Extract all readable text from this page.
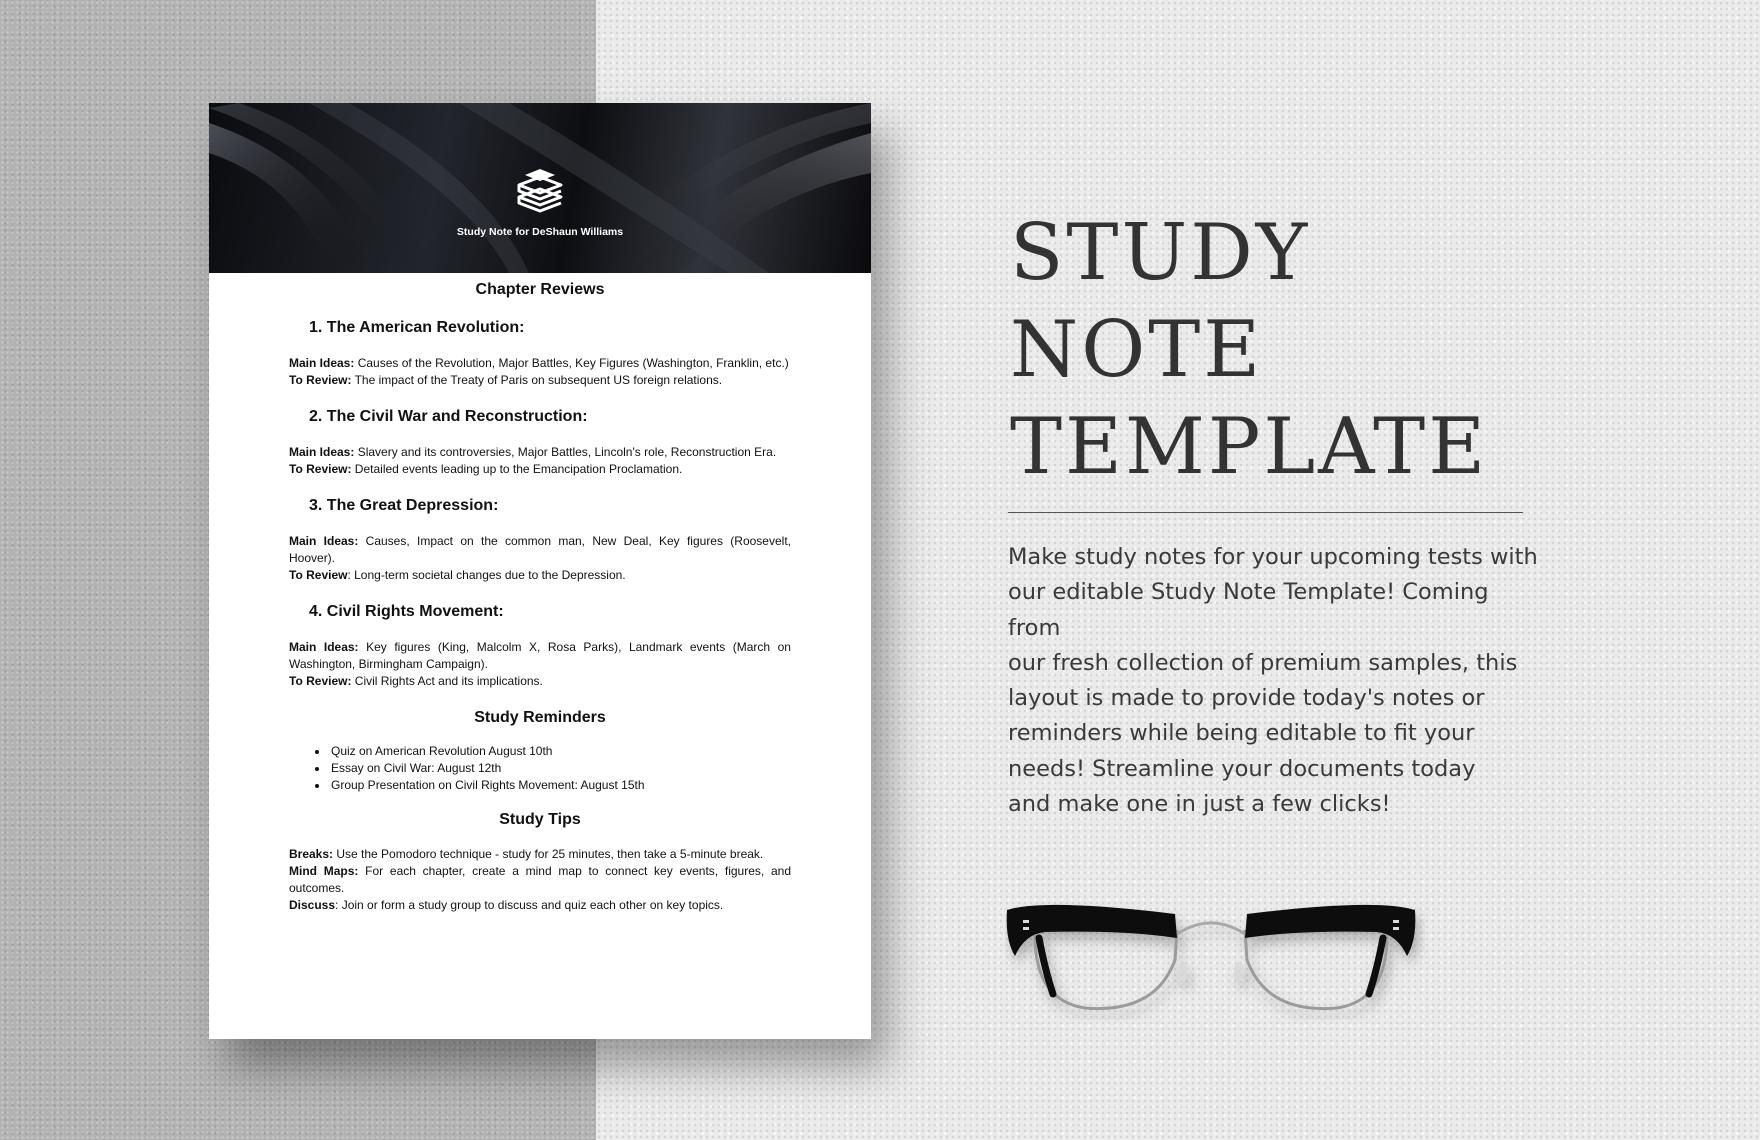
Study Note for DeShaun Williams
Chapter Reviews
1. The American Revolution:
Main Ideas: Causes of the Revolution, Major Battles, Key Figures (Washington, Franklin, etc.)
To Review: The impact of the Treaty of Paris on subsequent US foreign relations.
2. The Civil War and Reconstruction:
Main Ideas: Slavery and its controversies, Major Battles, Lincoln's role, Reconstruction Era.
To Review: Detailed events leading up to the Emancipation Proclamation.
3. The Great Depression:
Main Ideas: Causes, Impact on the common man, New Deal, Key figures (Roosevelt, Hoover).
To Review: Long-term societal changes due to the Depression.
4. Civil Rights Movement:
Main Ideas: Key figures (King, Malcolm X, Rosa Parks), Landmark events (March on Washington, Birmingham Campaign).
To Review: Civil Rights Act and its implications.
Study Reminders
• Quiz on American Revolution August 10th
• Essay on Civil War: August 12th
• Group Presentation on Civil Rights Movement: August 15th
Study Tips
Breaks: Use the Pomodoro technique - study for 25 minutes, then take a 5-minute break.
Mind Maps: For each chapter, create a mind map to connect key events, figures, and outcomes.
Discuss: Join or form a study group to discuss and quiz each other on key topics.
STUDY
NOTE
TEMPLATE
Make study notes for your upcoming tests with
our editable Study Note Template! Coming from
our fresh collection of premium samples, this
layout is made to provide today's notes or
reminders while being editable to fit your
needs! Streamline your documents today
and make one in just a few clicks!
